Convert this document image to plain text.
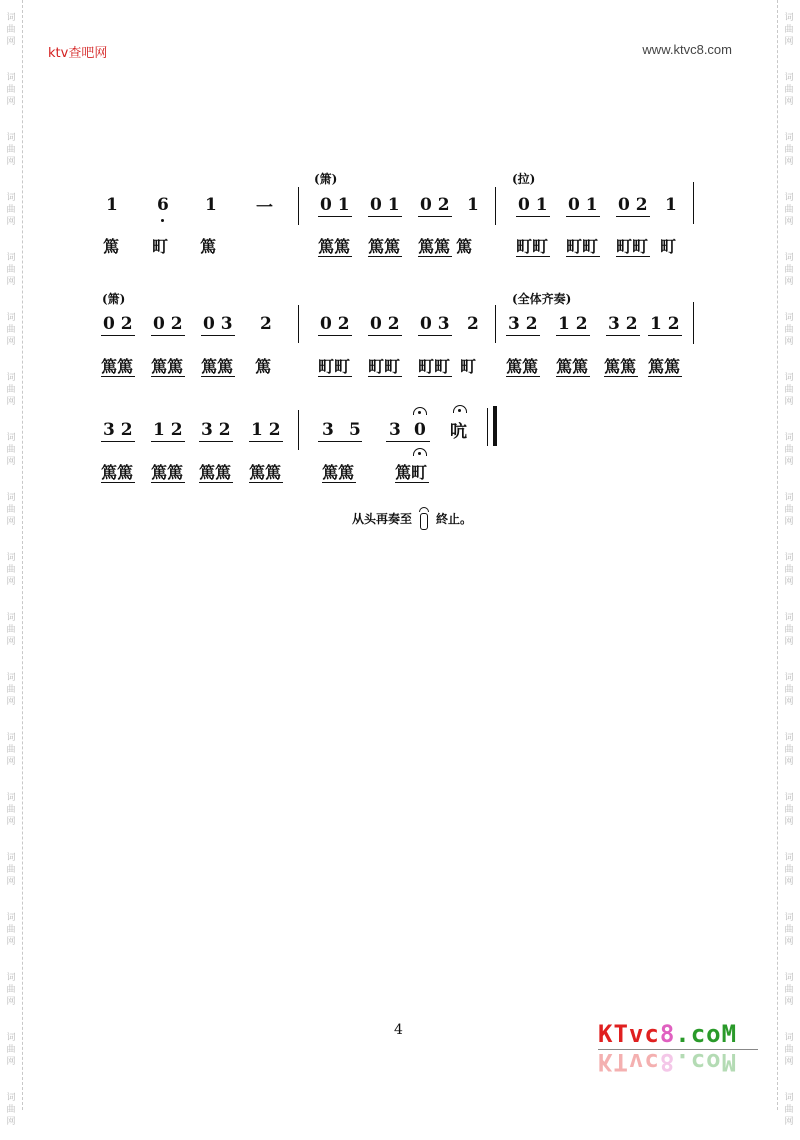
词
曲
网
词
曲
网
词
曲
网
词
曲
网
词
曲
网
词
曲
网
词
曲
网
词
曲
网
词
曲
网
词
曲
网
词
曲
网
词
曲
网
词
曲
网
词
曲
网
词
曲
网
词
曲
网
词
曲
网
词
曲
网
词
曲
网
词
曲
网
词
曲
网
词
曲
网
词
曲
网
词
曲
网
词
曲
网
词
曲
网
词
曲
网
词
曲
网
词
曲
网
词
曲
网
词
曲
网
词
曲
网
词
曲
网
词
曲
网
词
曲
网
词
曲
网
词
曲
网
词
曲
网
ktv查吧网	www.ktvc8.com
(箫)	(拉)
(箫)	(全体齐奏)
1 6 1 一	0 1 0 1 0 2 1 0 1 0 1 0 2 1
篤 町 篤	篤篤 篤篤 篤篤 篤	町町 町町 町町 町
0 2 0 2 0 3 2	0 2 0 2 0 3 2 3 2 1 2 3 2 1 2
篤篤 篤篤 篤篤 篤	町町 町町 町町 町 篤篤 篤篤 篤篤 篤篤
3 2 1 2 3 2 1 2 3 5 3 0 吭
篤篤 篤篤 篤篤 篤篤	篤篤	篤町
从头再奏至 終止。
4	KTvc8.coM
KTvc8.coM
